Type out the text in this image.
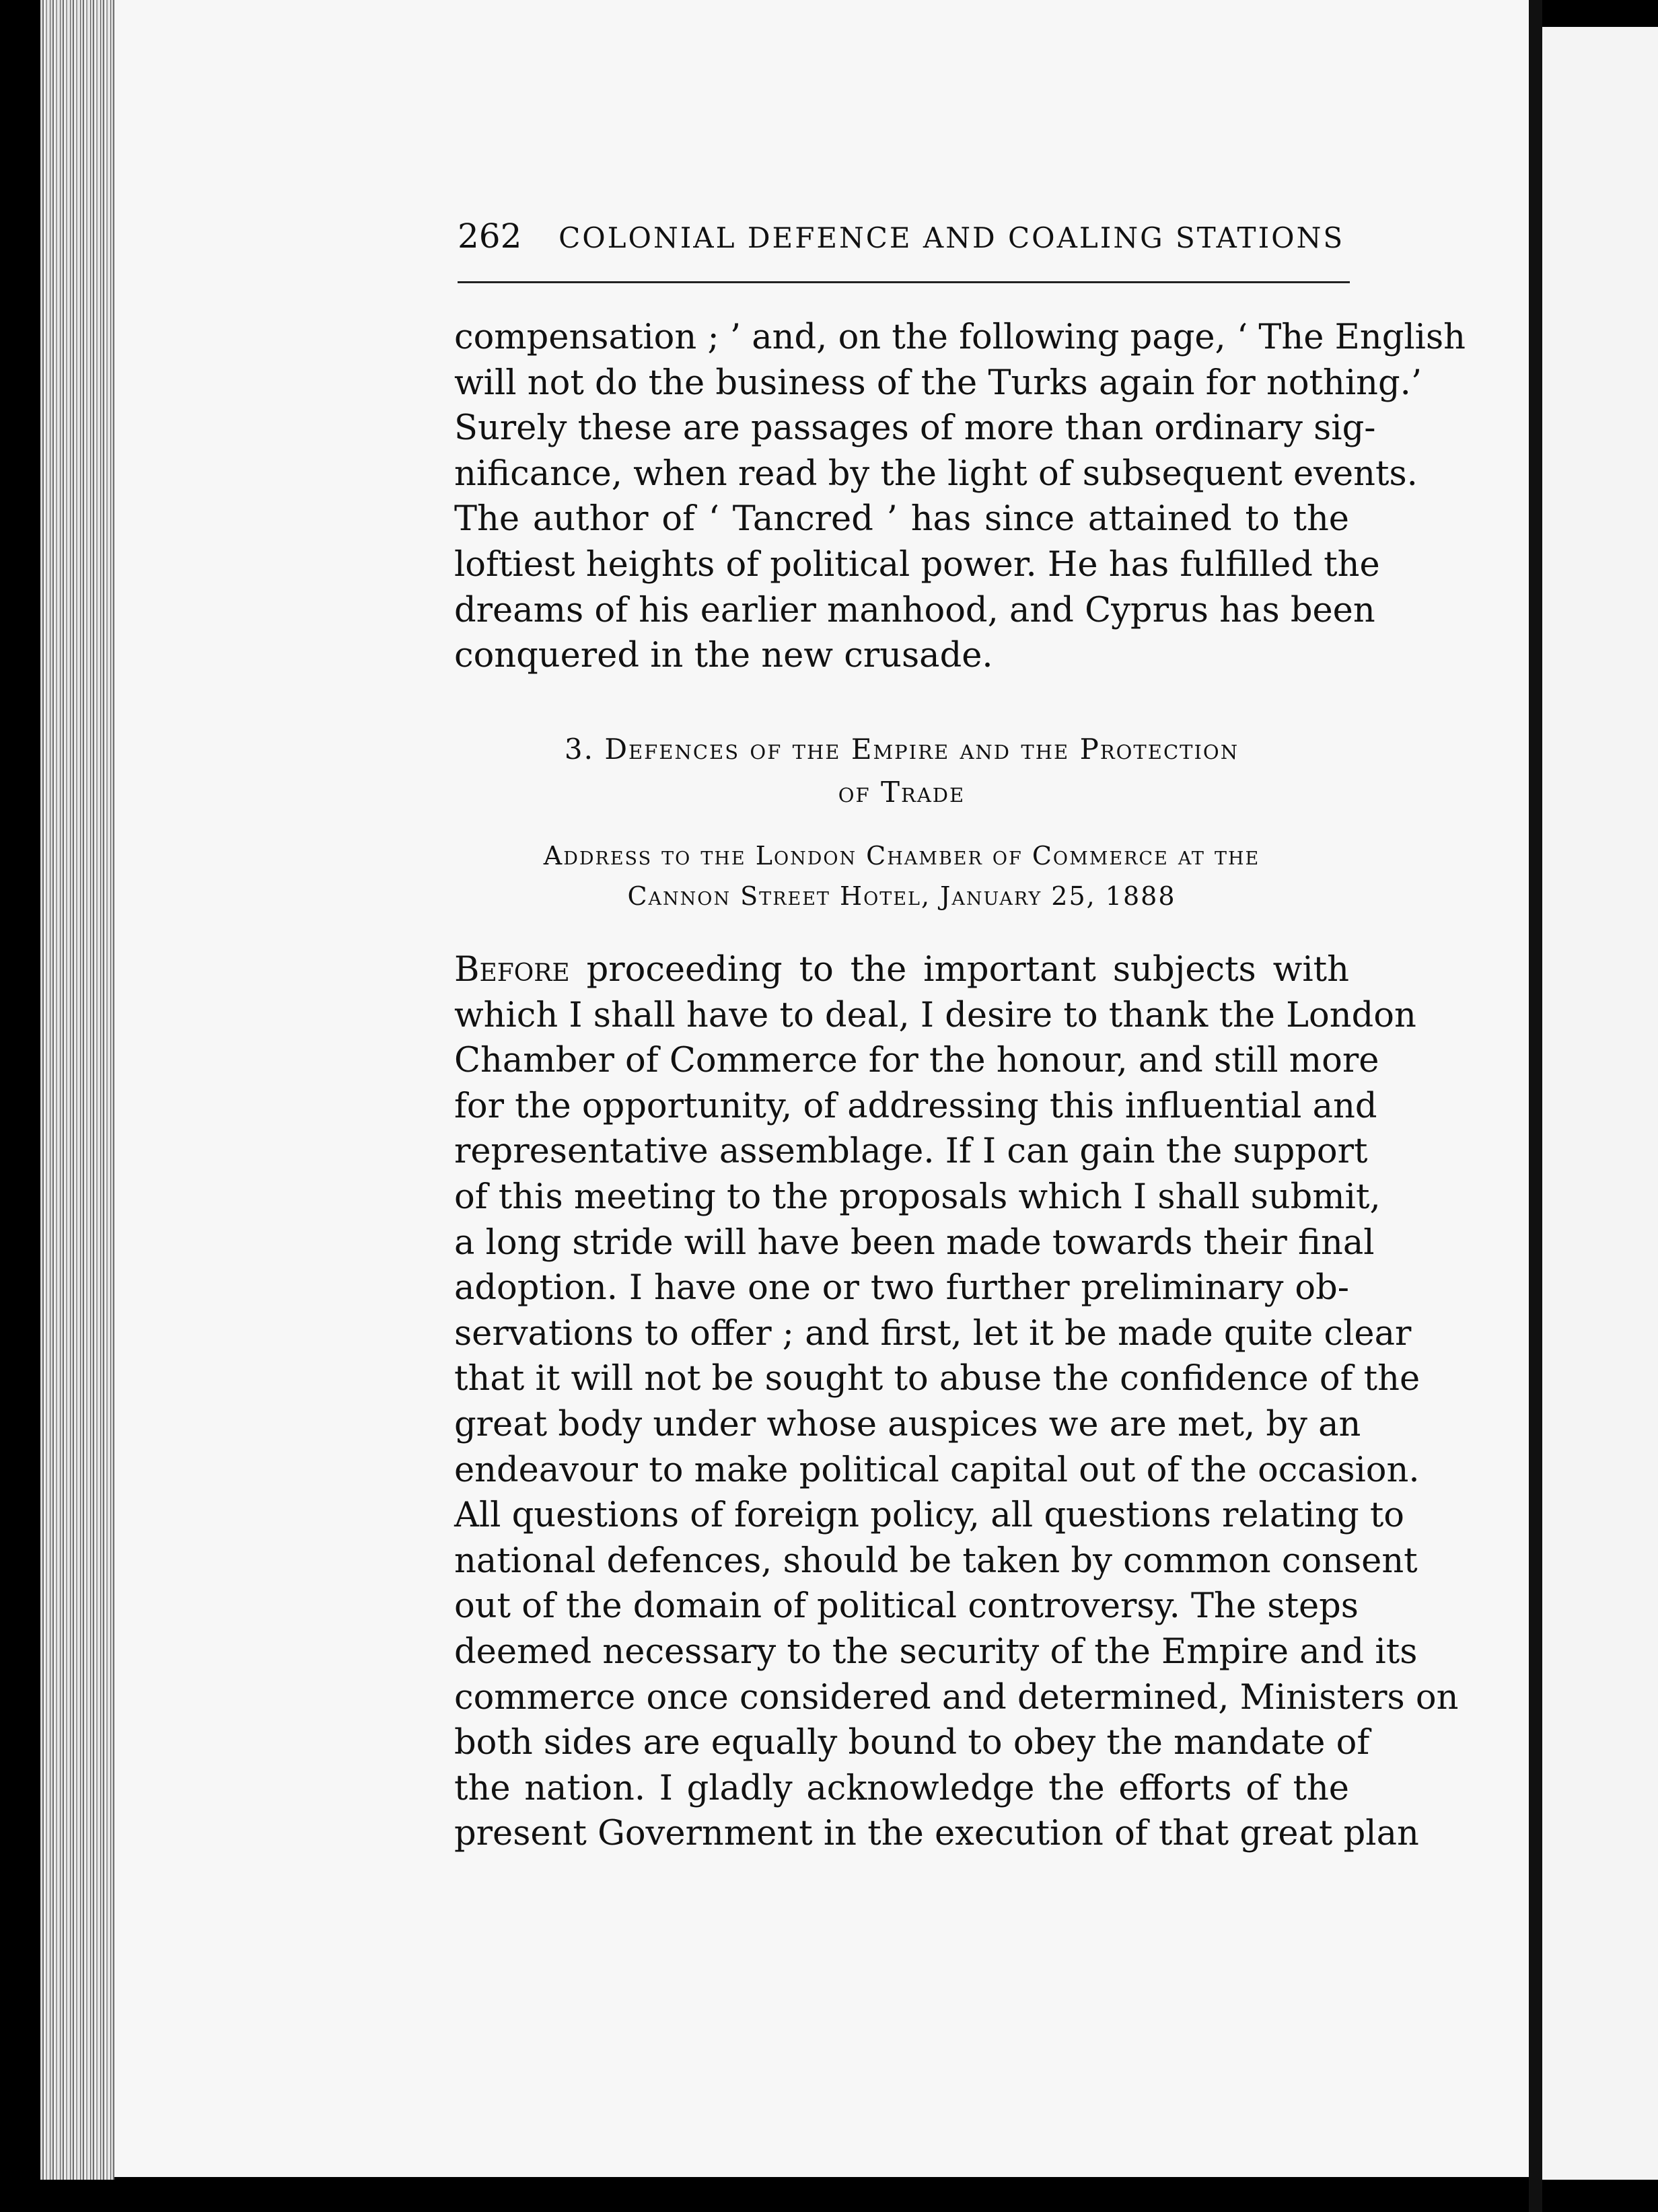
262 COLONIAL DEFENCE AND COALING STATIONS
compensation ; ’ and, on the following page, ‘ The English
will not do the business of the Turks again for nothing.’
Surely these are passages of more than ordinary sig-
nificance, when read by the light of subsequent events.
The author of ‘ Tancred ’ has since attained to the
loftiest heights of political power. He has fulfilled the
dreams of his earlier manhood, and Cyprus has been
conquered in the new crusade.
3. Defences of the Empire and the Protection
of Trade
Address to the London Chamber of Commerce at the
Cannon Street Hotel, January 25, 1888
Before proceeding to the important subjects with
which I shall have to deal, I desire to thank the London
Chamber of Commerce for the honour, and still more
for the opportunity, of addressing this influential and
representative assemblage. If I can gain the support
of this meeting to the proposals which I shall submit,
a long stride will have been made towards their final
adoption. I have one or two further preliminary ob-
servations to offer ; and first, let it be made quite clear
that it will not be sought to abuse the confidence of the
great body under whose auspices we are met, by an
endeavour to make political capital out of the occasion.
All questions of foreign policy, all questions relating to
national defences, should be taken by common consent
out of the domain of political controversy. The steps
deemed necessary to the security of the Empire and its
commerce once considered and determined, Ministers on
both sides are equally bound to obey the mandate of
the nation. I gladly acknowledge the efforts of the
present Government in the execution of that great plan
